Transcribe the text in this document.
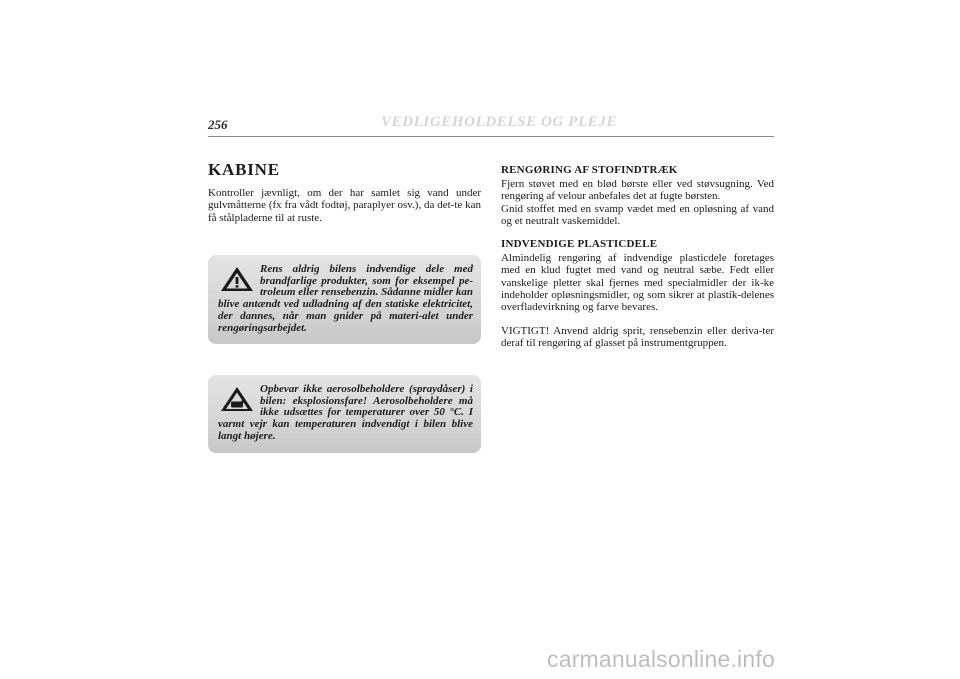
256	VEDLIGEHOLDELSE OG PLEJE
KABINE

Kontroller jævnligt, om der har samlet sig vand under gulvmåtterne (fx fra vådt fodtøj, paraplyer osv.), da det-te kan få stålpladerne til at ruste.

Rens aldrig bilens indvendige dele med brandfarlige produkter, som for eksempel pe-troleum eller rensebenzin. Sådanne midler kan blive antændt ved udladning af den statiske elektricitet, der dannes, når man gnider på materi-alet under rengøringsarbejdet.

Opbevar ikke aerosolbeholdere (spraydåser) i bilen: eksplosionsfare! Aerosolbeholdere må ikke udsættes for temperaturer over 50 °C. I varmt vejr kan temperaturen indvendigt i bilen blive langt højere.

RENGØRING AF STOFINDTRÆK

Fjern støvet med en blød børste eller ved støvsugning. Ved rengøring af velour anbefales det at fugte børsten.

Gnid stoffet med en svamp vædet med en opløsning af vand og et neutralt vaskemiddel.

INDVENDIGE PLASTICDELE

Almindelig rengøring af indvendige plasticdele foretages med en klud fugtet med vand og neutral sæbe. Fedt eller vanskelige pletter skal fjernes med specialmidler der ik-ke indeholder opløsningsmidler, og som sikrer at plastik-delenes overfladevirkning og farve bevares.

VIGTIGT! Anvend aldrig sprit, rensebenzin eller deriva-ter deraf til rengøring af glasset på instrumentgruppen.

carmanualsonline.info
